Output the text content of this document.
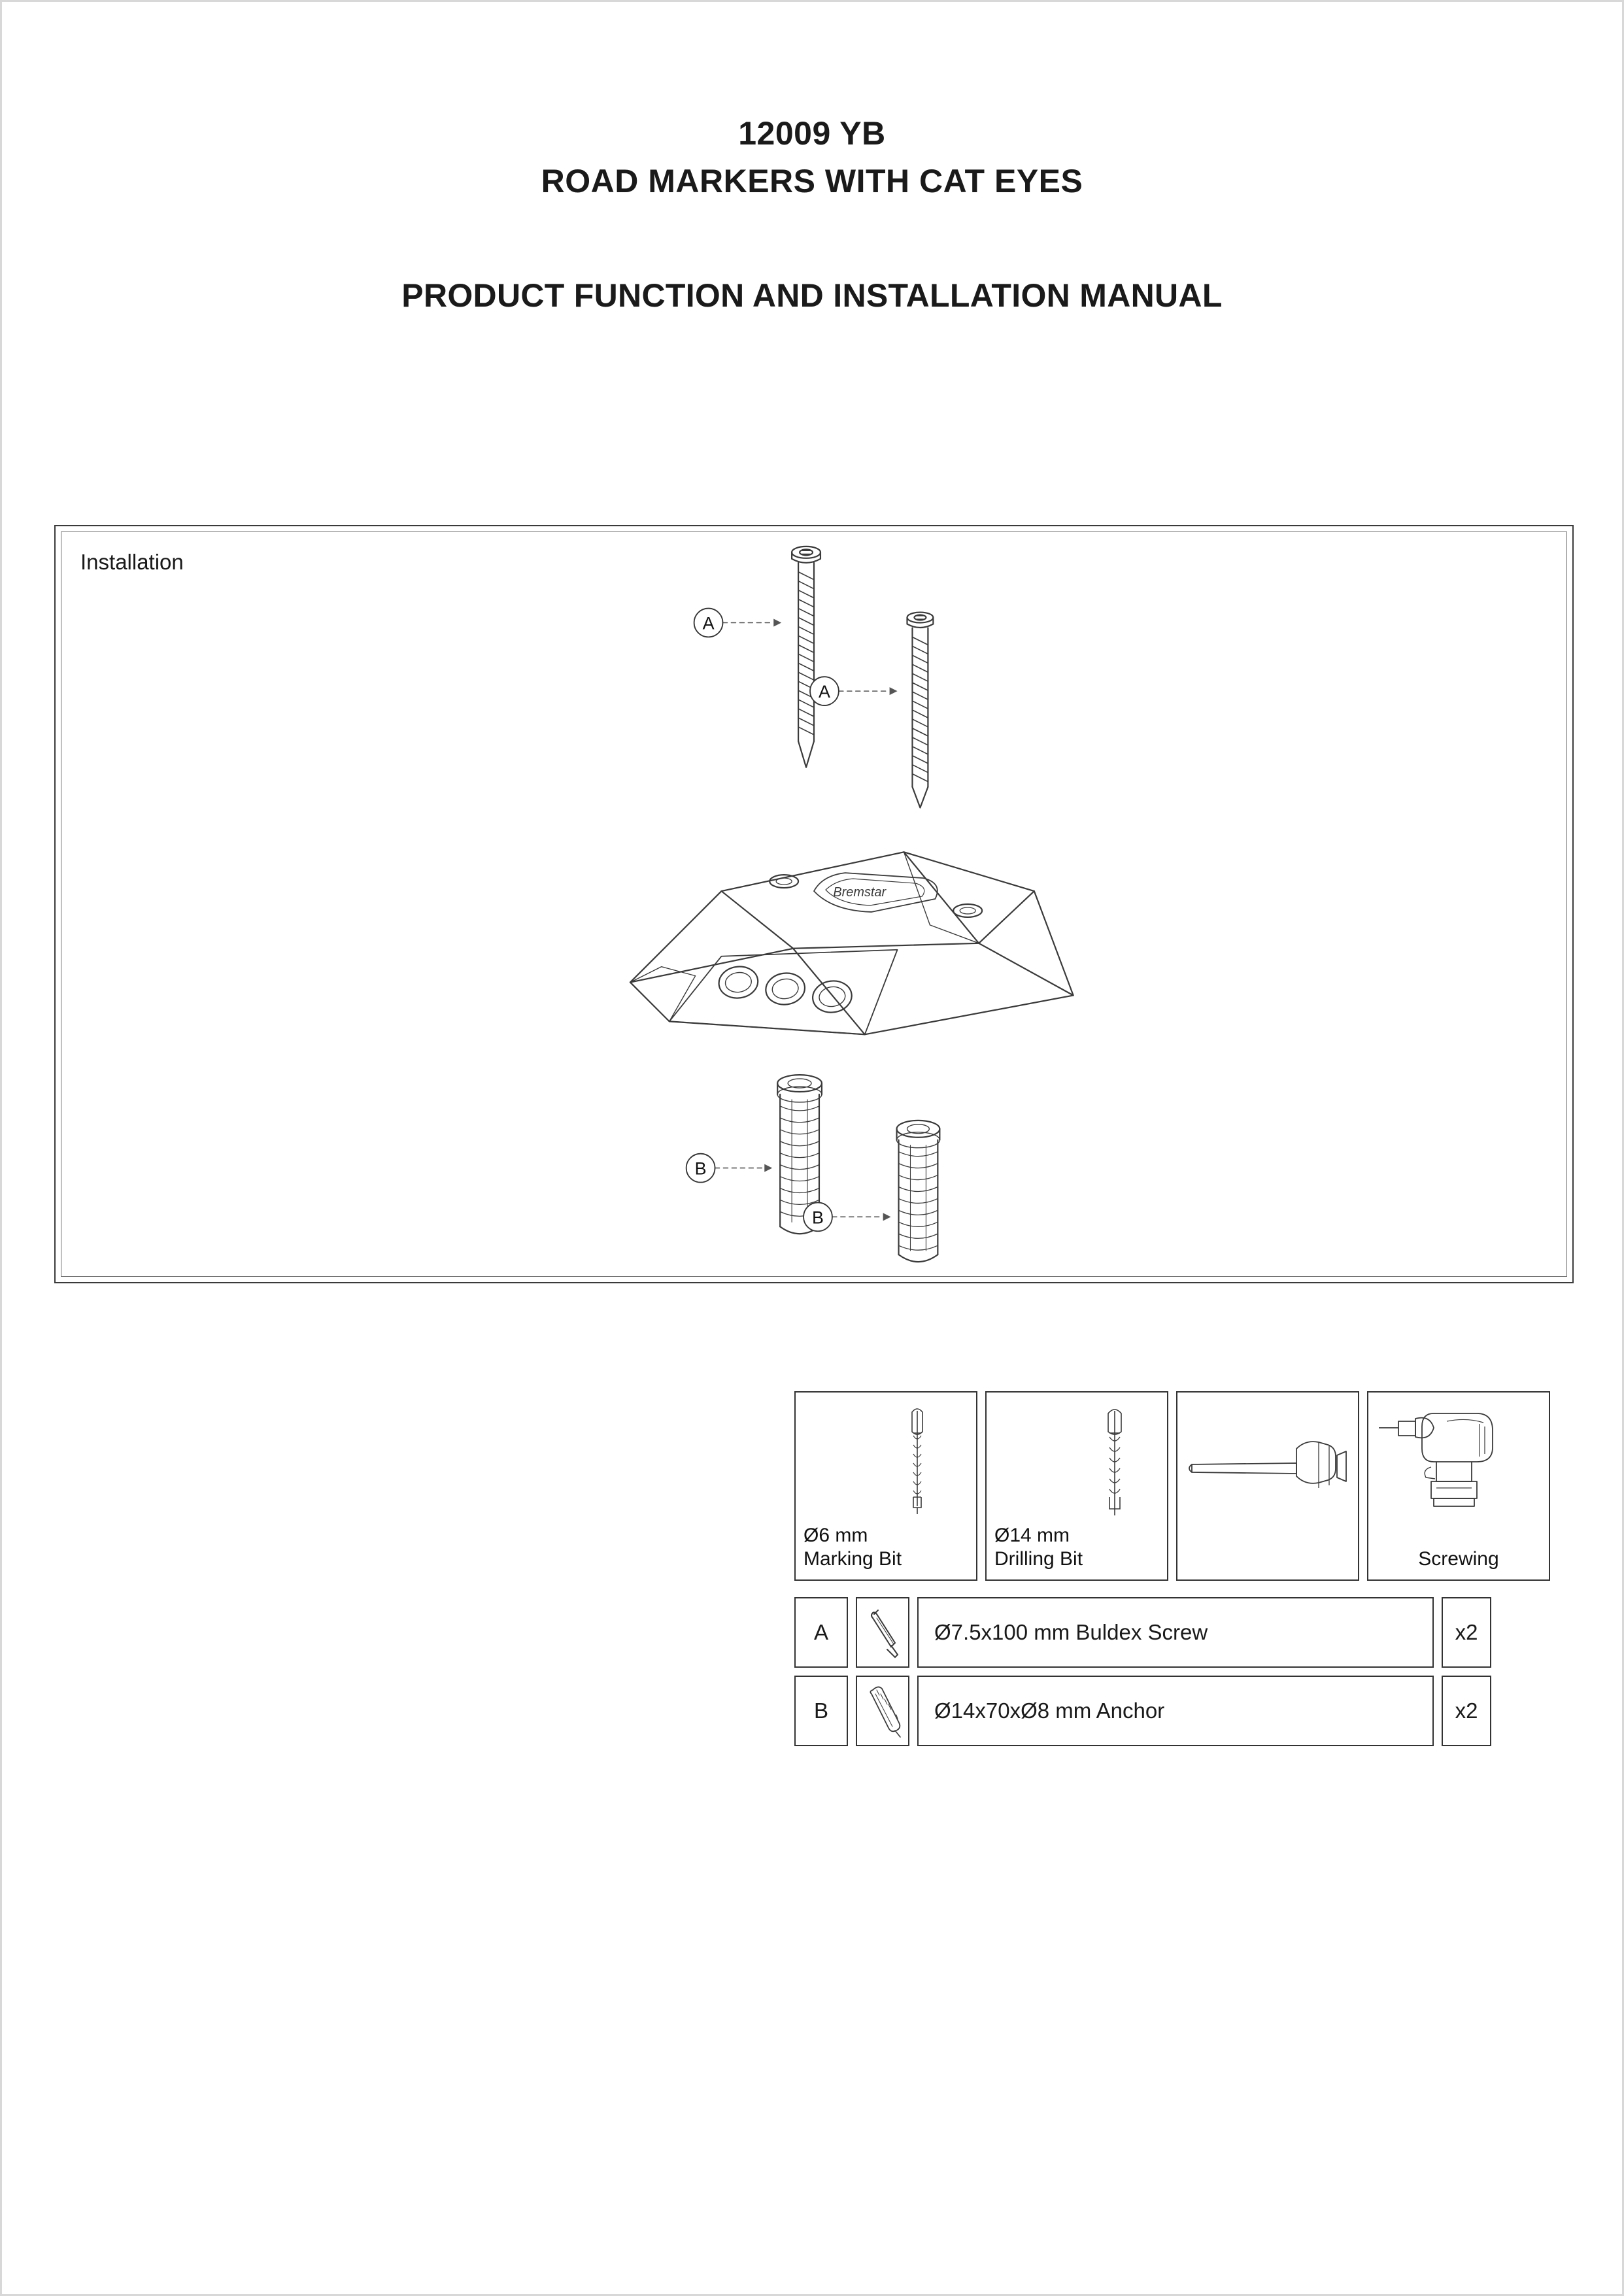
12009 YB
ROAD MARKERS WITH CAT EYES
PRODUCT FUNCTION AND INSTALLATION MANUAL
Installation
Bremstar
A
A
B
B
Ø6 mm
Marking Bit
Ø14 mm
Drilling Bit	Screwing
A	Ø7.5x100 mm Buldex Screw	x2
B	Ø14x70xØ8 mm Anchor	x2
